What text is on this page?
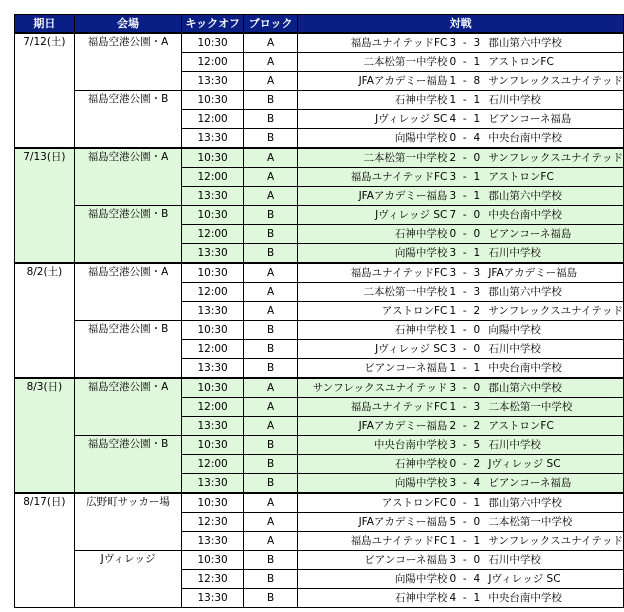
期日	会場	キックオフ	ブロック	対戦
7/12(土)	福島空港公園・A	10:30	A	福島ユナイテッドFC 3 - 3 郡山第六中学校

		12:00	A	二本松第一中学校 0 - 1 アストロンFC

		13:30	A	JFAアカデミー福島 1 - 8 サンフレックスユナイテッド

	福島空港公園・B	10:30	B	石神中学校 1 - 1 石川中学校

		12:00	B	Jヴィレッジ SC 4 - 1 ビアンコーネ福島

		13:30	B	向陽中学校 0 - 4 中央台南中学校

7/13(日)	福島空港公園・A	10:30	A	二本松第一中学校 2 - 0 サンフレックスユナイテッド

		12:00	A	福島ユナイテッドFC 3 - 1 アストロンFC

		13:30	A	JFAアカデミー福島 3 - 1 郡山第六中学校

	福島空港公園・B	10:30	B	Jヴィレッジ SC 7 - 0 中央台南中学校

		12:00	B	石神中学校 0 - 0 ビアンコーネ福島

		13:30	B	向陽中学校 3 - 1 石川中学校

8/2(土)	福島空港公園・A	10:30	A	福島ユナイテッドFC 3 - 3 JFAアカデミー福島

		12:00	A	二本松第一中学校 1 - 3 郡山第六中学校

		13:30	A	アストロンFC 1 - 2 サンフレックスユナイテッド

	福島空港公園・B	10:30	B	石神中学校 1 - 0 向陽中学校

		12:00	B	Jヴィレッジ SC 3 - 0 石川中学校

		13:30	B	ビアンコーネ福島 1 - 1 中央台南中学校

8/3(日)	福島空港公園・A	10:30	A	サンフレックスユナイテッド 3 - 0 郡山第六中学校

		12:00	A	福島ユナイテッドFC 1 - 3 二本松第一中学校

		13:30	A	JFAアカデミー福島 2 - 2 アストロンFC

	福島空港公園・B	10:30	B	中央台南中学校 3 - 5 石川中学校

		12:00	B	石神中学校 0 - 2 Jヴィレッジ SC

		13:30	B	向陽中学校 3 - 4 ビアンコーネ福島

8/17(日)	広野町サッカー場	10:30	A	アストロンFC 0 - 1 郡山第六中学校

		12:30	A	JFAアカデミー福島 5 - 0 二本松第一中学校

		13:30	A	福島ユナイテッドFC 1 - 1 サンフレックスユナイテッド

	Jヴィレッジ	10:30	B	ビアンコーネ福島 3 - 0 石川中学校

		12:30	B	向陽中学校 0 - 4 Jヴィレッジ SC

		13:30	B	石神中学校 4 - 1 中央台南中学校
